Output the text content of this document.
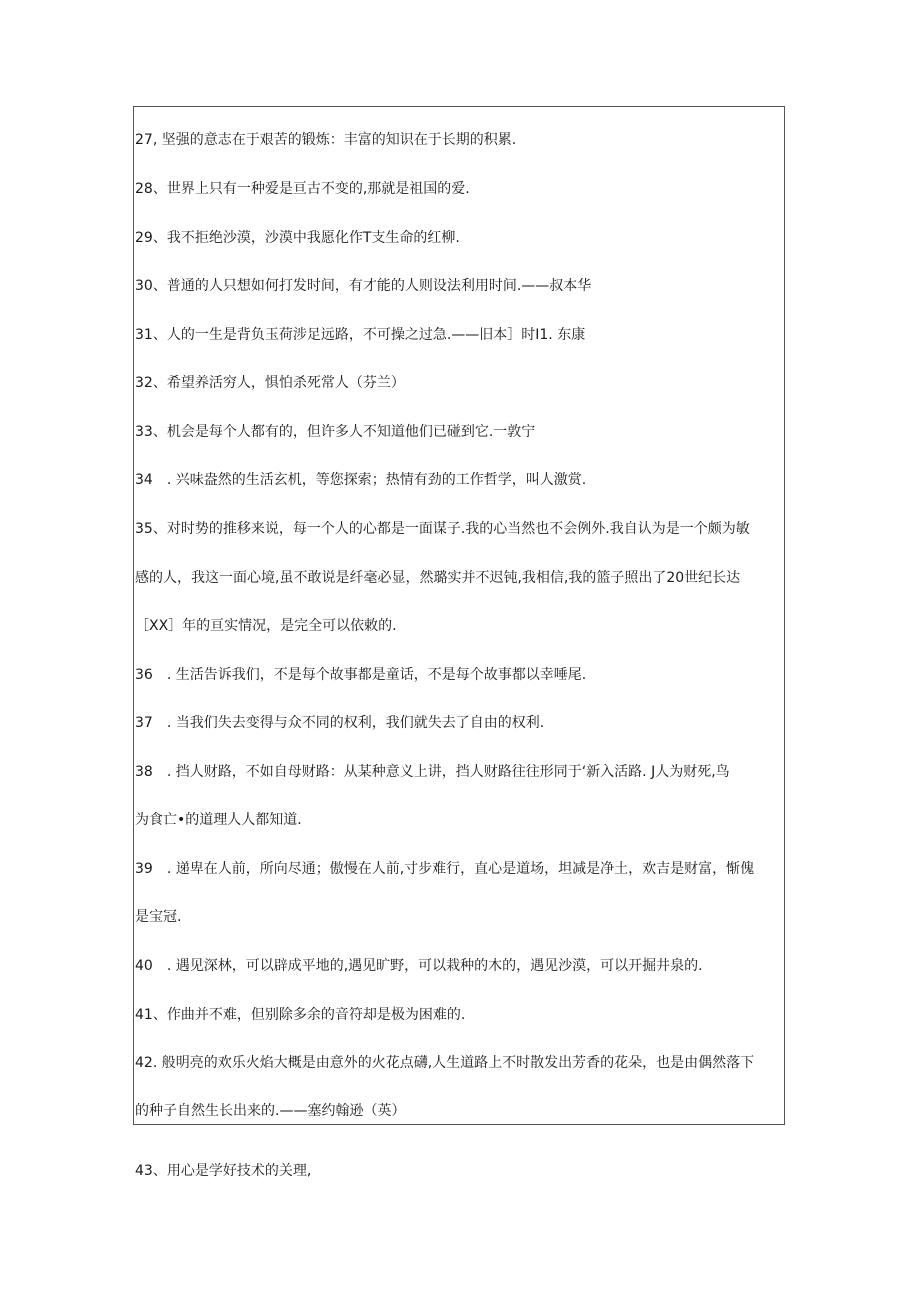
27, 坚强的意志在于艰苦的锻炼：丰富的知识在于长期的积累.
28、世界上只有一种爱是亘古不变的,那就是祖国的爱.
29、我不拒绝沙漠，沙漠中我愿化作T支生命的红柳.
30、普通的人只想如何打发时间，有才能的人则设法利用时间.——叔本华
31、人的一生是背负玉荷涉足远路，不可操之过急.——旧本］时I1. 东康
32、希望养活穷人，惧怕杀死常人（芬兰）
33、机会是每个人都有的，但许多人不知道他们已碰到它.一敦宁
34　. 兴味盎然的生活玄机，等您探索；热情有劲的工作哲学，叫人激赏.
35、对时势的推移来说，每一个人的心都是一面谋子.我的心当然也不会例外.我自认为是一个颇为敏
感的人，我这一面心境,虽不敢说是纤毫必显，然璐实并不迟钝,我相信,我的篮子照出了20世纪长达
［XX］年的亘实情况，是完全可以依敕的.
36　. 生活告诉我们，不是每个故事都是童话，不是每个故事都以幸唾尾.
37　. 当我们失去变得与众不同的权利，我们就失去了自由的权利.
38　. 挡人财路，不如自母财路：从某种意义上讲，挡人财路往往形同于‘新入活路. J人为财死,鸟
为食亡•的道理人人都知道.
39　. 递卑在人前，所向尽通；傲慢在人前,寸步难行，直心是道场，坦减是净土，欢吉是财富，惭傀
是宝冠.
40　. 遇见深林，可以辟成平地的,遇见旷野，可以栽种的木的，遇见沙漠，可以开掘井泉的.
41、作曲并不难，但别除多余的音符却是极为困难的.
42. 般明亮的欢乐火焰大概是由意外的火花点礴,人生道路上不时散发出芳香的花朵，也是由偶然落下
的种子自然生长出来的.——塞约翰逊（英）
43、用心是学好技术的关理,
